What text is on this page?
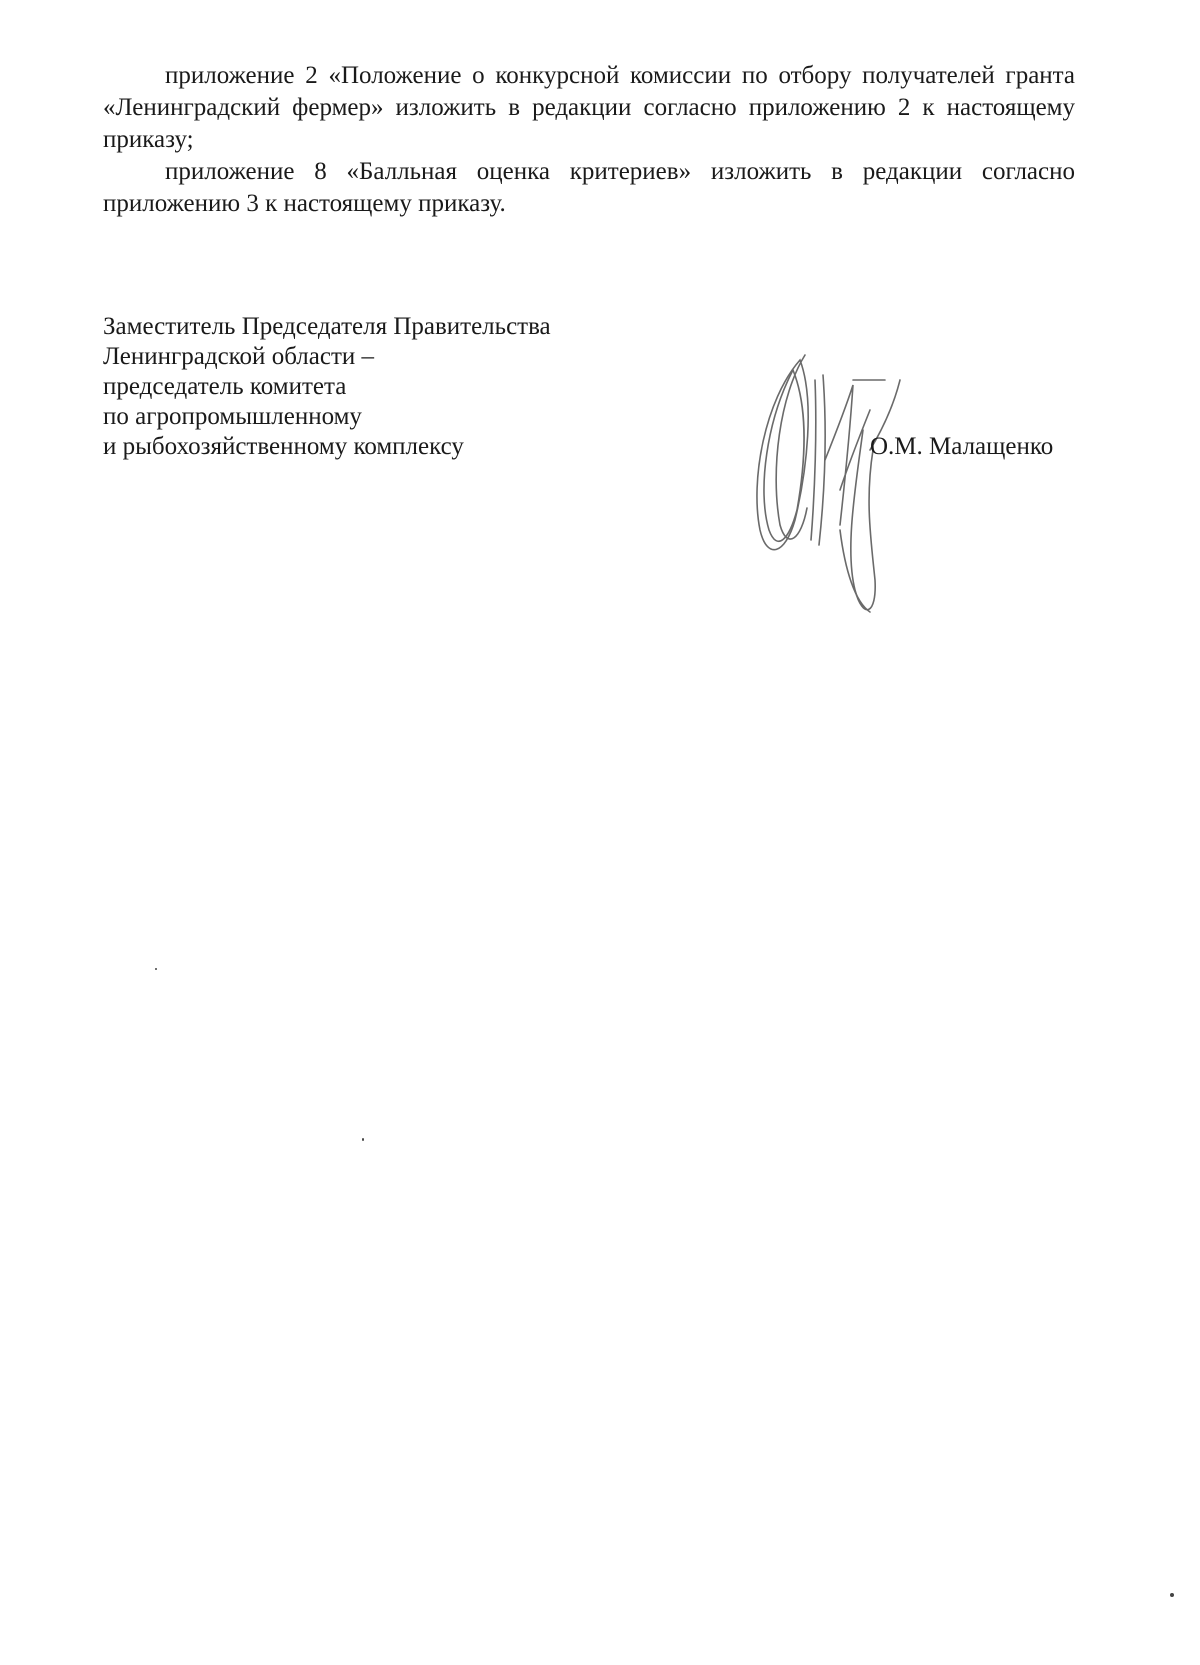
приложение 2 «Положение о конкурсной комиссии по отбору получателей гранта «Ленинградский фермер» изложить в редакции согласно приложению 2 к настоящему приказу;

приложение 8 «Балльная оценка критериев» изложить в редакции согласно приложению 3 к настоящему приказу.

Заместитель Председателя Правительства
Ленинградской области –
председатель комитета
по агропромышленному
и рыбохозяйственному комплексу	О.М. Малащенко
